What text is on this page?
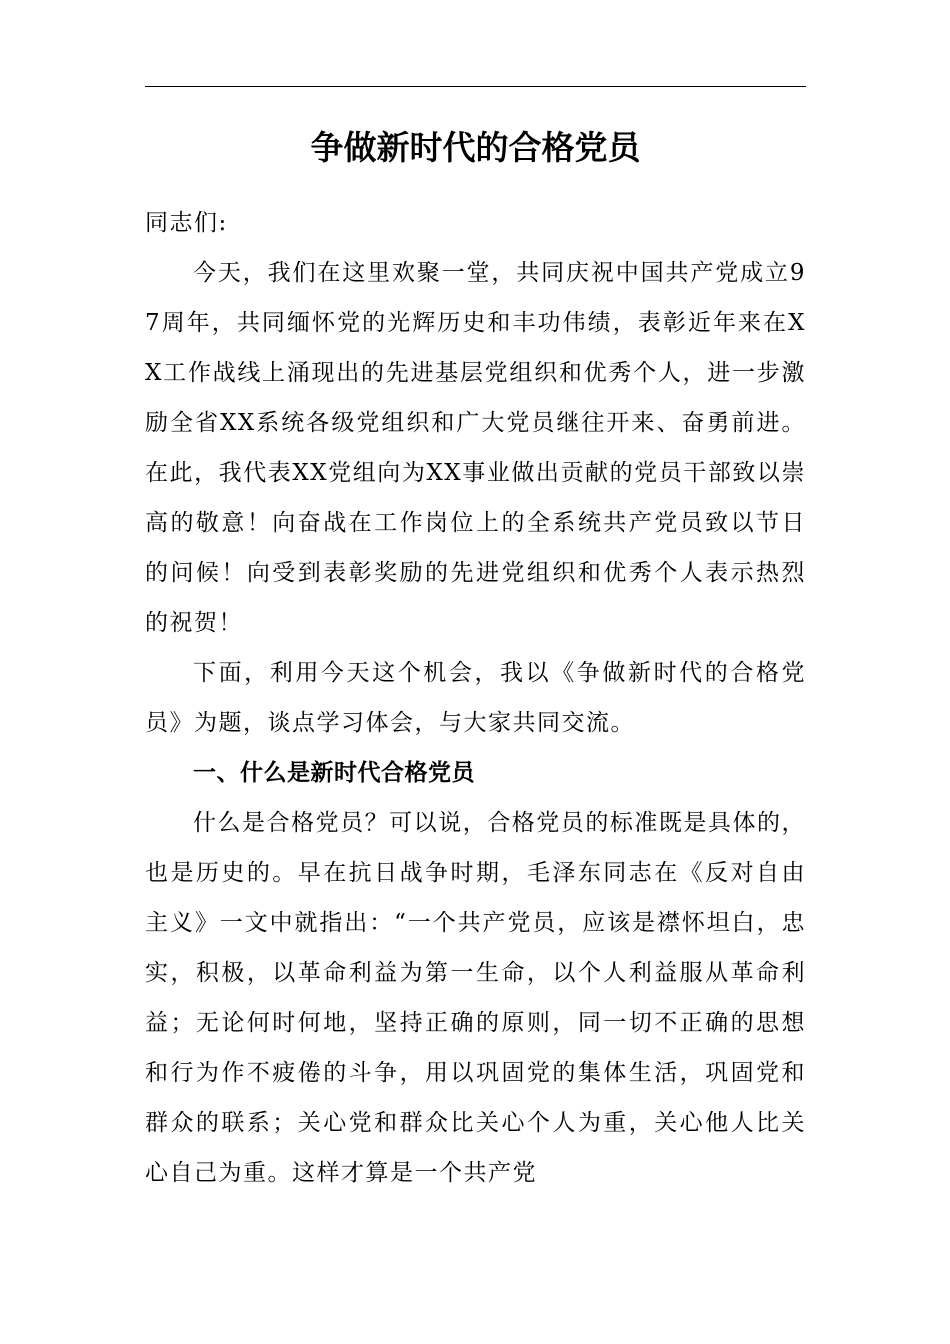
争做新时代的合格党员

同志们:

今天，我们在这里欢聚一堂，共同庆祝中国共产党成立97周年，共同缅怀党的光辉历史和丰功伟绩，表彰近年来在XX工作战线上涌现出的先进基层党组织和优秀个人，进一步激励全省XX系统各级党组织和广大党员继往开来、奋勇前进。在此，我代表XX党组向为XX事业做出贡献的党员干部致以崇高的敬意！向奋战在工作岗位上的全系统共产党员致以节日的问候！向受到表彰奖励的先进党组织和优秀个人表示热烈的祝贺！

下面，利用今天这个机会，我以《争做新时代的合格党员》为题，谈点学习体会，与大家共同交流。

一、什么是新时代合格党员

什么是合格党员？可以说，合格党员的标准既是具体的，也是历史的。早在抗日战争时期，毛泽东同志在《反对自由主义》一文中就指出：“一个共产党员，应该是襟怀坦白，忠实，积极，以革命利益为第一生命，以个人利益服从革命利益；无论何时何地，坚持正确的原则，同一切不正确的思想和行为作不疲倦的斗争，用以巩固党的集体生活，巩固党和群众的联系；关心党和群众比关心个人为重，关心他人比关心自己为重。这样才算是一个共产党
